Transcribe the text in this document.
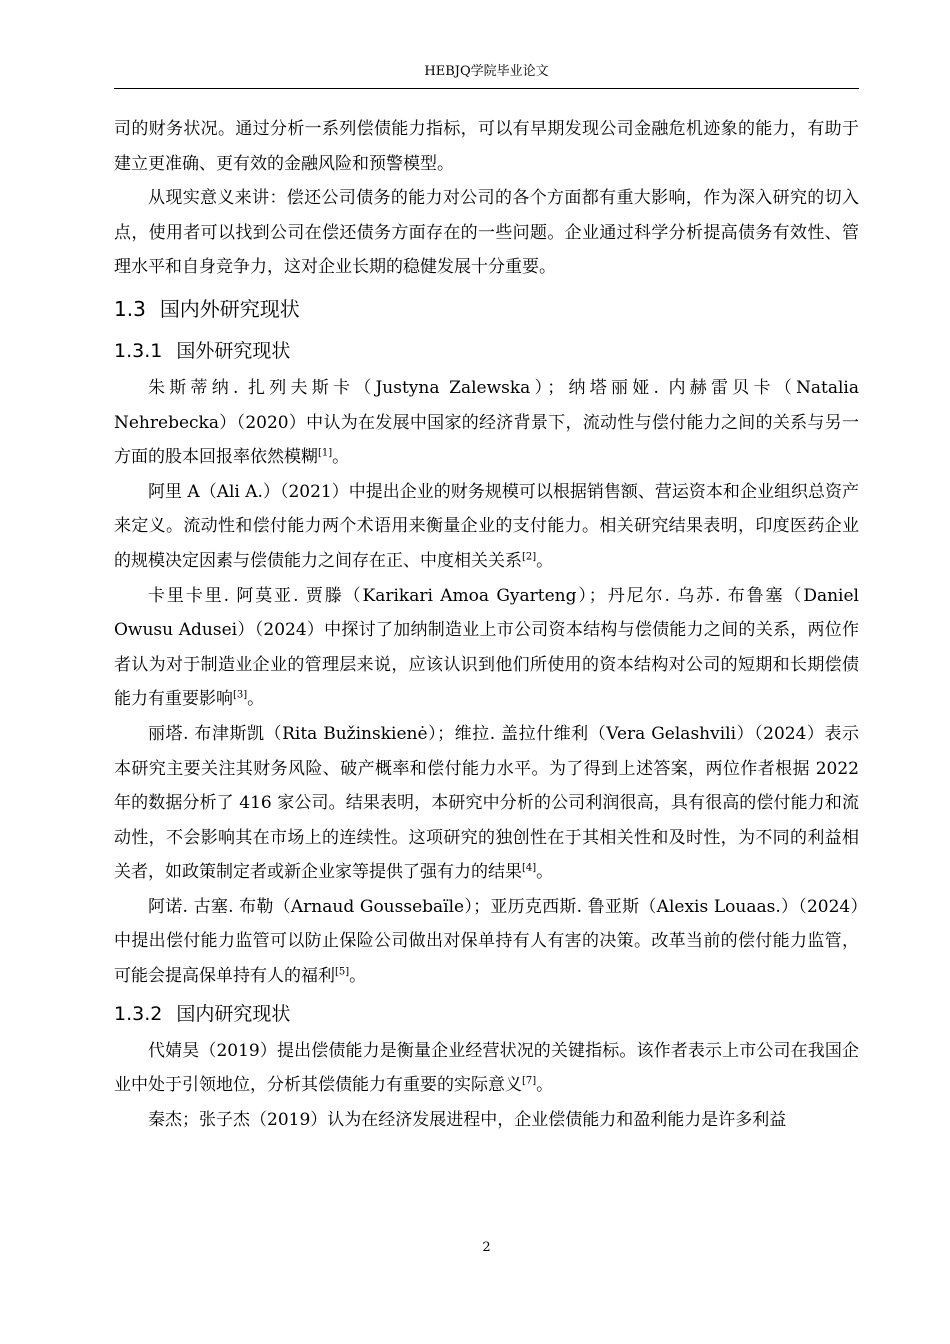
HEBJQ学院毕业论文

司的财务状况。通过分析一系列偿债能力指标，可以有早期发现公司金融危机迹象的能力，有助于建立更准确、更有效的金融风险和预警模型。

从现实意义来讲：偿还公司债务的能力对公司的各个方面都有重大影响，作为深入研究的切入点，使用者可以找到公司在偿还债务方面存在的一些问题。企业通过科学分析提高债务有效性、管理水平和自身竞争力，这对企业长期的稳健发展十分重要。

1.3 国内外研究现状
1.3.1 国外研究现状

朱斯蒂纳. 扎列夫斯卡（Justyna Zalewska）；纳塔丽娅. 内赫雷贝卡（Natalia Nehrebecka）（2020）中认为在发展中国家的经济背景下，流动性与偿付能力之间的关系与另一方面的股本回报率依然模糊[1]。

阿里 A（Ali A.）（2021）中提出企业的财务规模可以根据销售额、营运资本和企业组织总资产来定义。流动性和偿付能力两个术语用来衡量企业的支付能力。相关研究结果表明，印度医药企业的规模决定因素与偿债能力之间存在正、中度相关关系[2]。

卡里卡里. 阿莫亚. 贾滕（Karikari Amoa Gyarteng）；丹尼尔. 乌苏. 布鲁塞（Daniel Owusu Adusei）（2024）中探讨了加纳制造业上市公司资本结构与偿债能力之间的关系，两位作者认为对于制造业企业的管理层来说，应该认识到他们所使用的资本结构对公司的短期和长期偿债能力有重要影响[3]。

丽塔. 布津斯凯（Rita Bužinskienė）；维拉. 盖拉什维利（Vera Gelashvili）（2024）表示本研究主要关注其财务风险、破产概率和偿付能力水平。为了得到上述答案，两位作者根据 2022 年的数据分析了 416 家公司。结果表明，本研究中分析的公司利润很高，具有很高的偿付能力和流动性，不会影响其在市场上的连续性。这项研究的独创性在于其相关性和及时性，为不同的利益相关者，如政策制定者或新企业家等提供了强有力的结果[4]。

阿诺. 古塞. 布勒（Arnaud Goussebaïle）；亚历克西斯. 鲁亚斯（Alexis Louaas.）（2024）中提出偿付能力监管可以防止保险公司做出对保单持有人有害的决策。改革当前的偿付能力监管，可能会提高保单持有人的福利[5]。

1.3.2 国内研究现状

代婧昊（2019）提出偿债能力是衡量企业经营状况的关键指标。该作者表示上市公司在我国企业中处于引领地位，分析其偿债能力有重要的实际意义[7]。

秦杰；张子杰（2019）认为在经济发展进程中，企业偿债能力和盈利能力是许多利益

2
